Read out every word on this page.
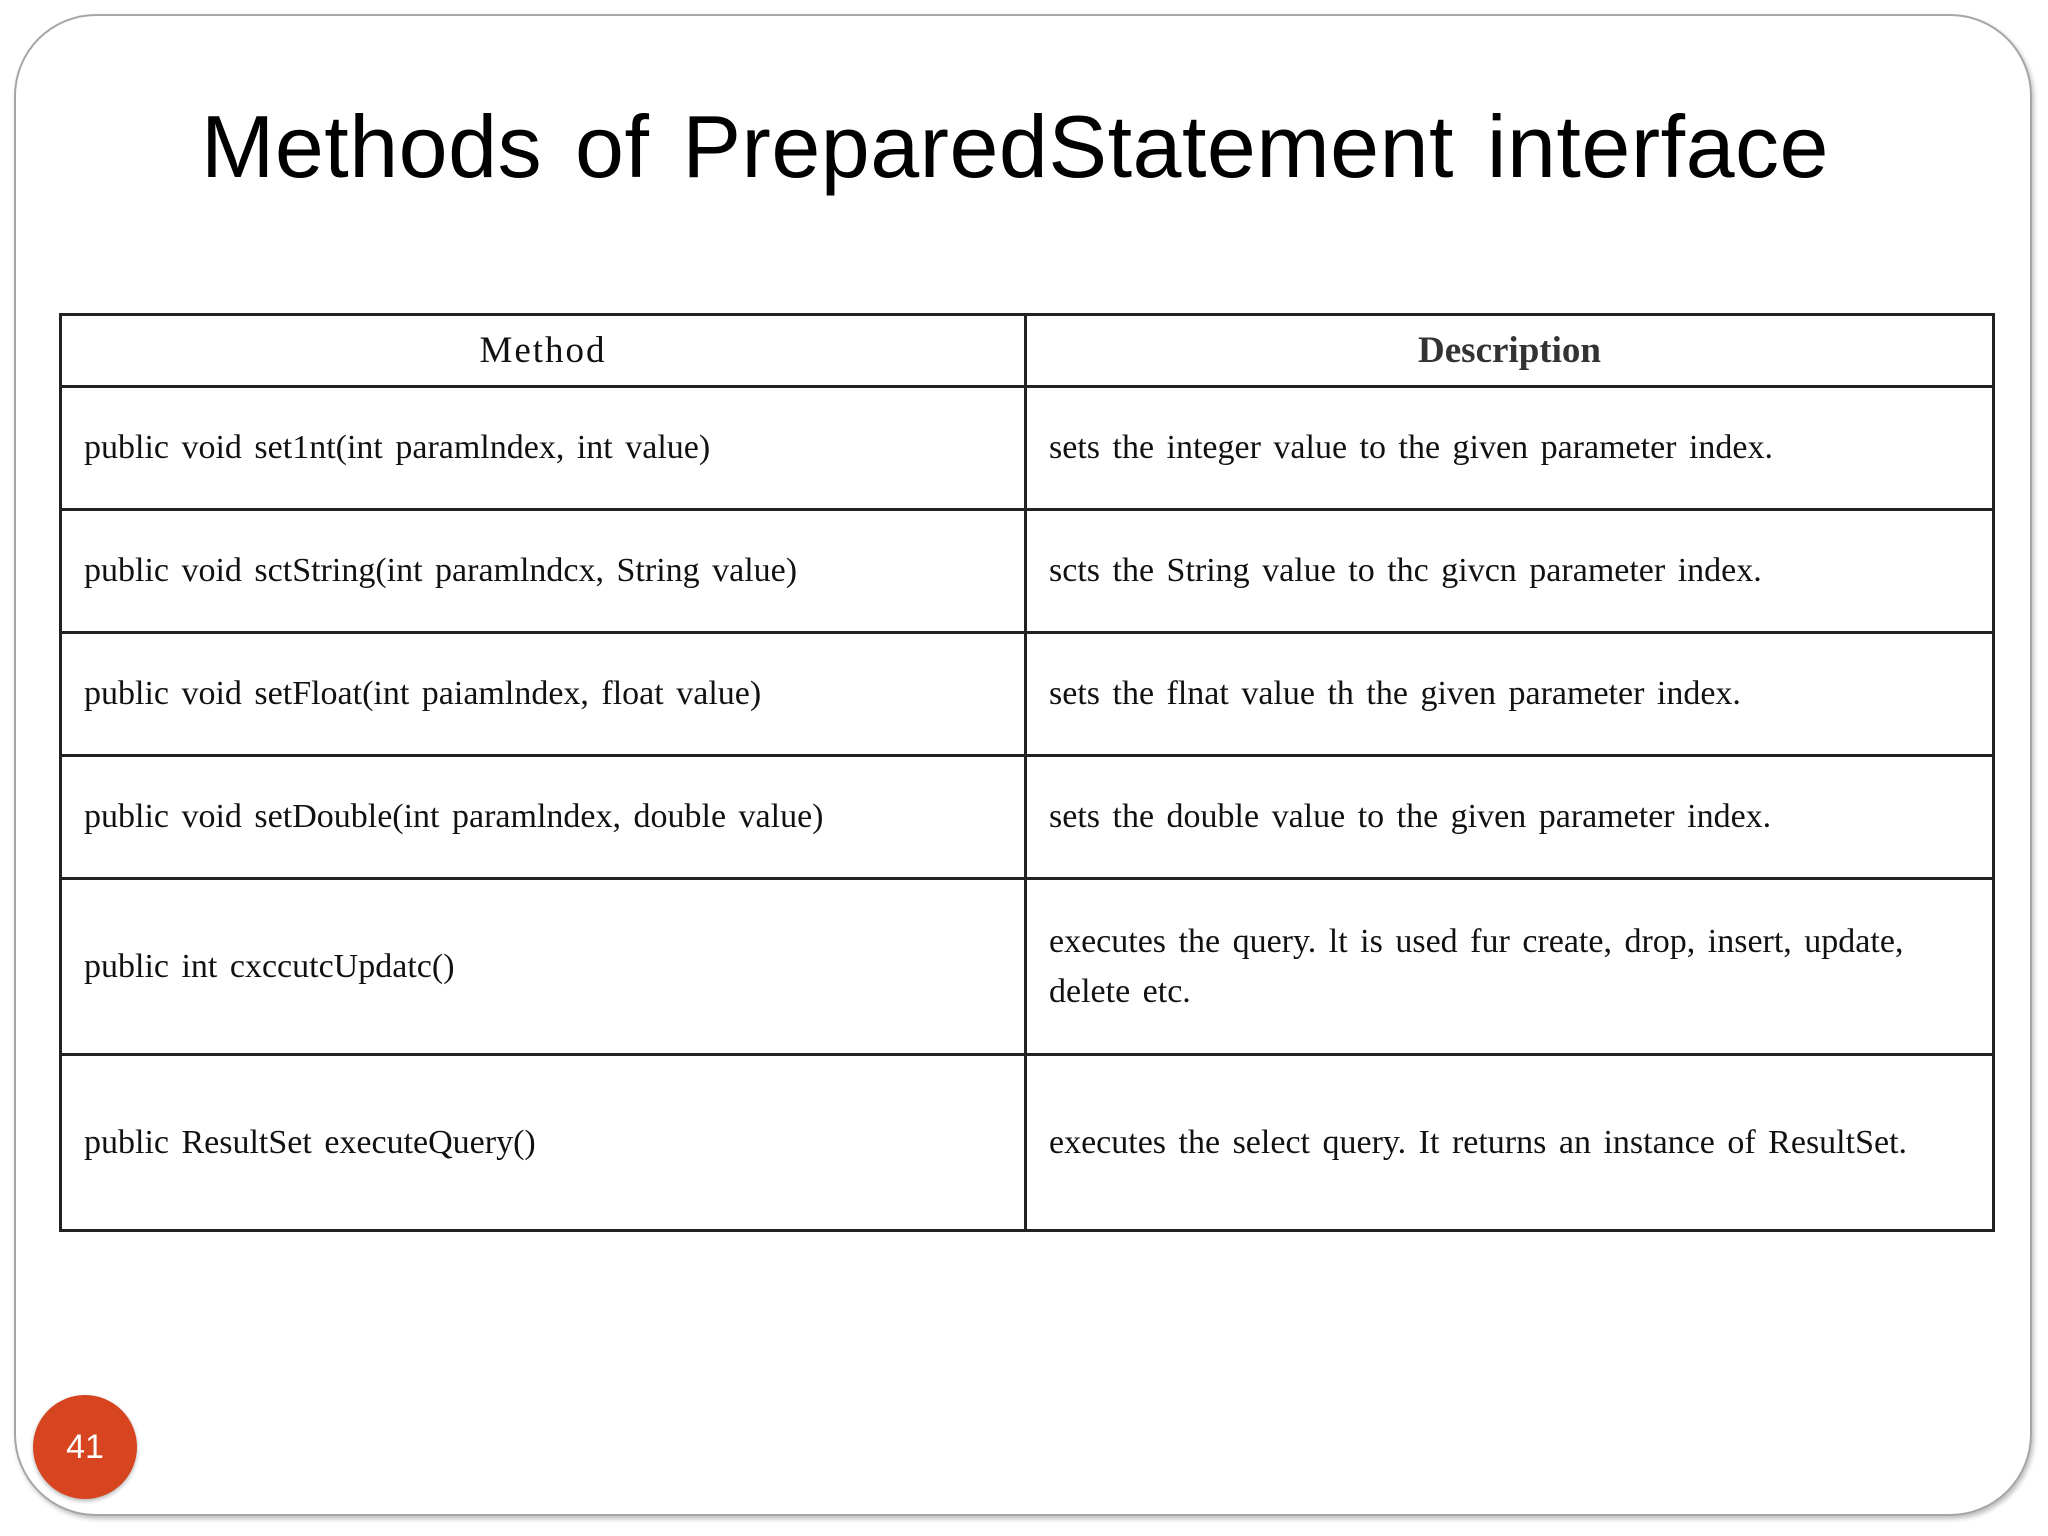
Methods of PreparedStatement interface
Method	Description
public void set1nt(int paramlndex, int value)	sets the integer value to the given parameter index.
public void sctString(int paramlndcx, String value)	scts the String value to thc givcn parameter index.
public void setFloat(int paiamlndex, float value)	sets the flnat value th the given parameter index.
public void setDouble(int paramlndex, double value)	sets the double value to the given parameter index.
public int cxccutcUpdatc()	executes the query. lt is used fur create, drop, insert, update, delete etc.
public ResultSet executeQuery()	executes the select query. It returns an instance of ResultSet.
41
